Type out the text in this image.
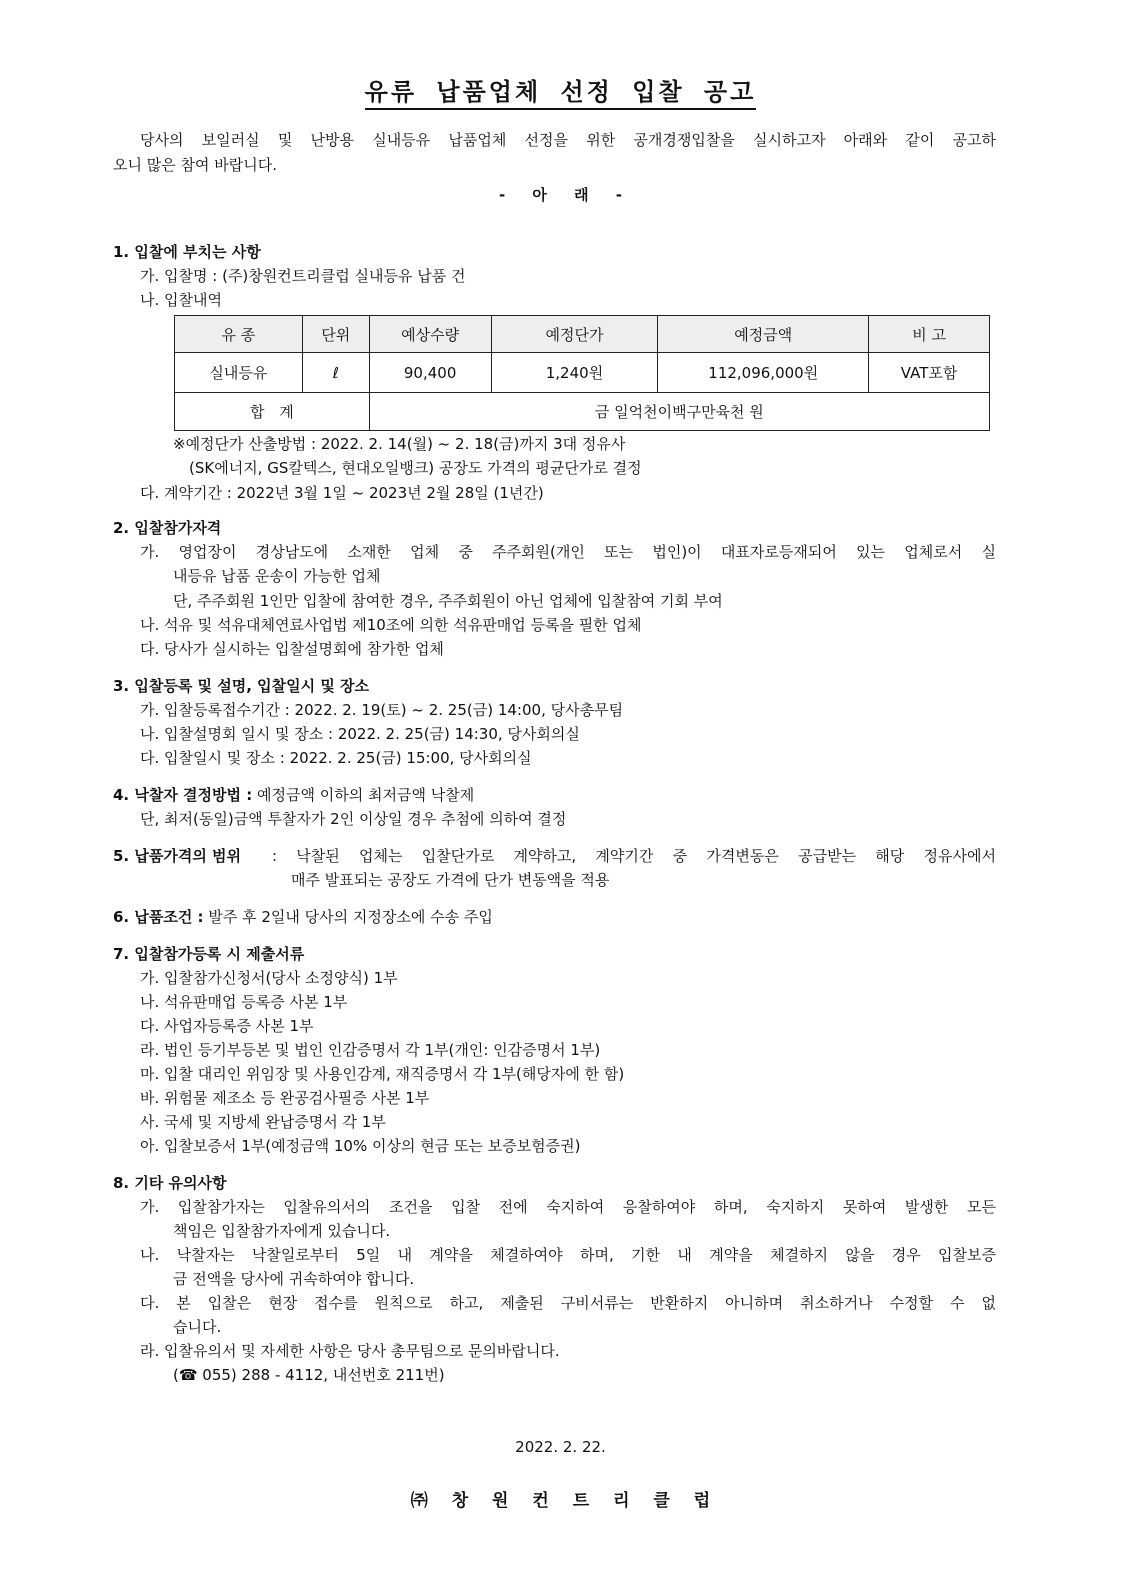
유류 납품업체 선정 입찰 공고
당사의 보일러실 및 난방용 실내등유 납품업체 선정을 위한 공개경쟁입찰을 실시하고자 아래와 같이 공고하
오니 많은 참여 바랍니다.
- 아 래 -
1. 입찰에 부치는 사항
가. 입찰명 : (주)창원컨트리클럽 실내등유 납품 건
나. 입찰내역
유 종	단위	예상수량	예정단가	예정금액	비 고
실내등유	ℓ	90,400	1,240원	112,096,000원	VAT포함
합 계		금 일억천이백구만육천 원			
※예정단가 산출방법 : 2022. 2. 14(월) ~ 2. 18(금)까지 3대 정유사
(SK에너지, GS칼텍스, 현대오일뱅크) 공장도 가격의 평균단가로 결정
다. 계약기간 : 2022년 3월 1일 ~ 2023년 2월 28일 (1년간)
2. 입찰참가자격
가. 영업장이 경상남도에 소재한 업체 중 주주회원(개인 또는 법인)이 대표자로등재되어 있는 업체로서 실
내등유 납품 운송이 가능한 업체
단, 주주회원 1인만 입찰에 참여한 경우, 주주회원이 아닌 업체에 입찰참여 기회 부여
나. 석유 및 석유대체연료사업법 제10조에 의한 석유판매업 등록을 필한 업체
다. 당사가 실시하는 입찰설명회에 참가한 업체
3. 입찰등록 및 설명, 입찰일시 및 장소
가. 입찰등록접수기간 : 2022. 2. 19(토) ~ 2. 25(금) 14:00, 당사총무팀
나. 입찰설명회 일시 및 장소 : 2022. 2. 25(금) 14:30, 당사회의실
다. 입찰일시 및 장소 : 2022. 2. 25(금) 15:00, 당사회의실
4. 낙찰자 결정방법 : 예정금액 이하의 최저금액 낙찰제
단, 최저(동일)금액 투찰자가 2인 이상일 경우 추첨에 의하여 결정
5. 납품가격의 범위 : 낙찰된 업체는 입찰단가로 계약하고, 계약기간 중 가격변동은 공급받는 해당 정유사에서
매주 발표되는 공장도 가격에 단가 변동액을 적용
6. 납품조건 : 발주 후 2일내 당사의 지정장소에 수송 주입
7. 입찰참가등록 시 제출서류
가. 입찰참가신청서(당사 소정양식) 1부
나. 석유판매업 등록증 사본 1부
다. 사업자등록증 사본 1부
라. 법인 등기부등본 및 법인 인감증명서 각 1부(개인: 인감증명서 1부)
마. 입찰 대리인 위임장 및 사용인감계, 재직증명서 각 1부(해당자에 한 함)
바. 위험물 제조소 등 완공검사필증 사본 1부
사. 국세 및 지방세 완납증명서 각 1부
아. 입찰보증서 1부(예정금액 10% 이상의 현금 또는 보증보험증권)
8. 기타 유의사항
가. 입찰참가자는 입찰유의서의 조건을 입찰 전에 숙지하여 응찰하여야 하며, 숙지하지 못하여 발생한 모든
책임은 입찰참가자에게 있습니다.
나. 낙찰자는 낙찰일로부터 5일 내 계약을 체결하여야 하며, 기한 내 계약을 체결하지 않을 경우 입찰보증
금 전액을 당사에 귀속하여야 합니다.
다. 본 입찰은 현장 접수를 원칙으로 하고, 제출된 구비서류는 반환하지 아니하며 취소하거나 수정할 수 없
습니다.
라. 입찰유의서 및 자세한 사항은 당사 총무팀으로 문의바랍니다.
(☎ 055) 288 - 4112, 내선번호 211번)
2022. 2. 22.
㈜ 창 원 컨 트 리 클 럽
